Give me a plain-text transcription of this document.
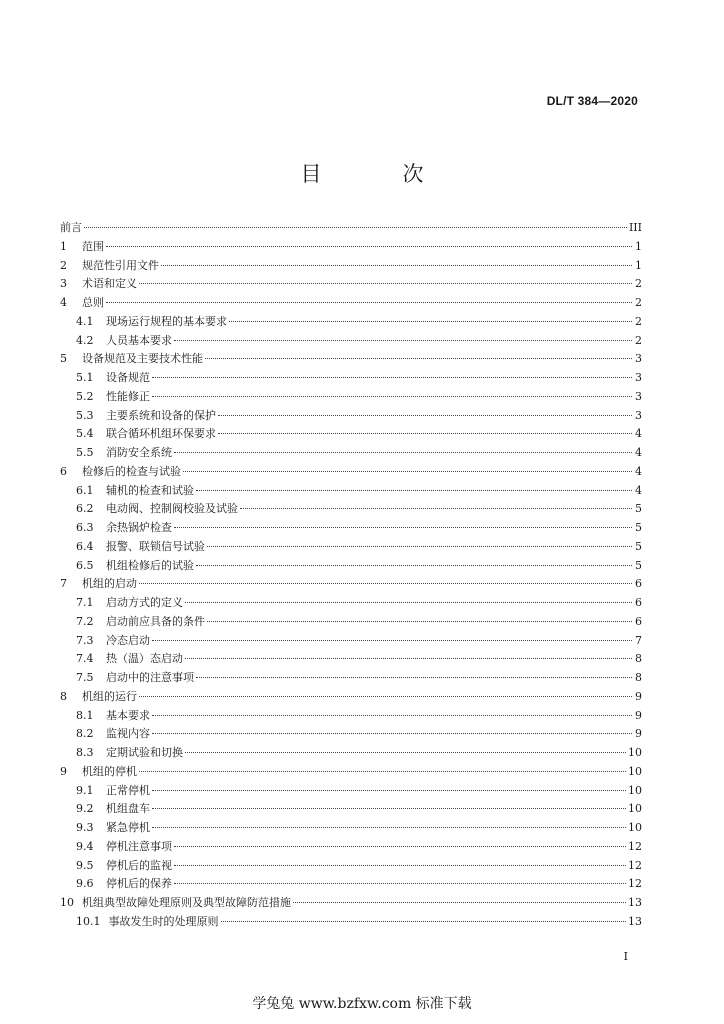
DL/T 384—2020
目　次
前言	III
1	范围	1
2	规范性引用文件	1
3	术语和定义	2
4	总则	2
4.1	现场运行规程的基本要求	2
4.2	人员基本要求	2
5	设备规范及主要技术性能	3
5.1	设备规范	3
5.2	性能修正	3
5.3	主要系统和设备的保护	3
5.4	联合循环机组环保要求	4
5.5	消防安全系统	4
6	检修后的检查与试验	4
6.1	辅机的检查和试验	4
6.2	电动阀、控制阀校验及试验	5
6.3	余热锅炉检查	5
6.4	报警、联锁信号试验	5
6.5	机组检修后的试验	5
7	机组的启动	6
7.1	启动方式的定义	6
7.2	启动前应具备的条件	6
7.3	冷态启动	7
7.4	热（温）态启动	8
7.5	启动中的注意事项	8
8	机组的运行	9
8.1	基本要求	9
8.2	监视内容	9
8.3	定期试验和切换	10
9	机组的停机	10
9.1	正常停机	10
9.2	机组盘车	10
9.3	紧急停机	10
9.4	停机注意事项	12
9.5	停机后的监视	12
9.6	停机后的保养	12
10 机组典型故障处理原则及典型故障防范措施	13
10.1 事故发生时的处理原则	13
I
学兔兔 www.bzfxw.com 标准下载
